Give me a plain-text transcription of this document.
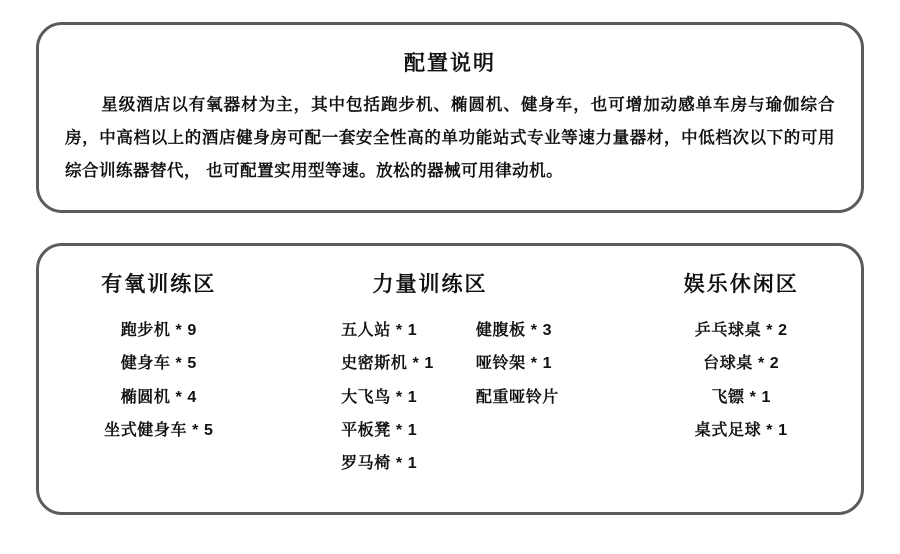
配置说明
星级酒店以有氧器材为主，其中包括跑步机、椭圆机、健身车，也可增加动感单车房与瑜伽综合房，中高档以上的酒店健身房可配一套安全性高的单功能站式专业等速力量器材，中低档次以下的可用综合训练器替代， 也可配置实用型等速。放松的器械可用律动机。
有氧训练区
跑步机 * 9
健身车 * 5
椭圆机 * 4
坐式健身车 * 5
力量训练区
五人站 * 1
史密斯机 * 1
大飞鸟 * 1
平板凳 * 1
罗马椅 * 1
健腹板 * 3
哑铃架 * 1
配重哑铃片
娱乐休闲区
乒乓球桌 * 2
台球桌 * 2
飞镖 * 1
桌式足球 * 1
